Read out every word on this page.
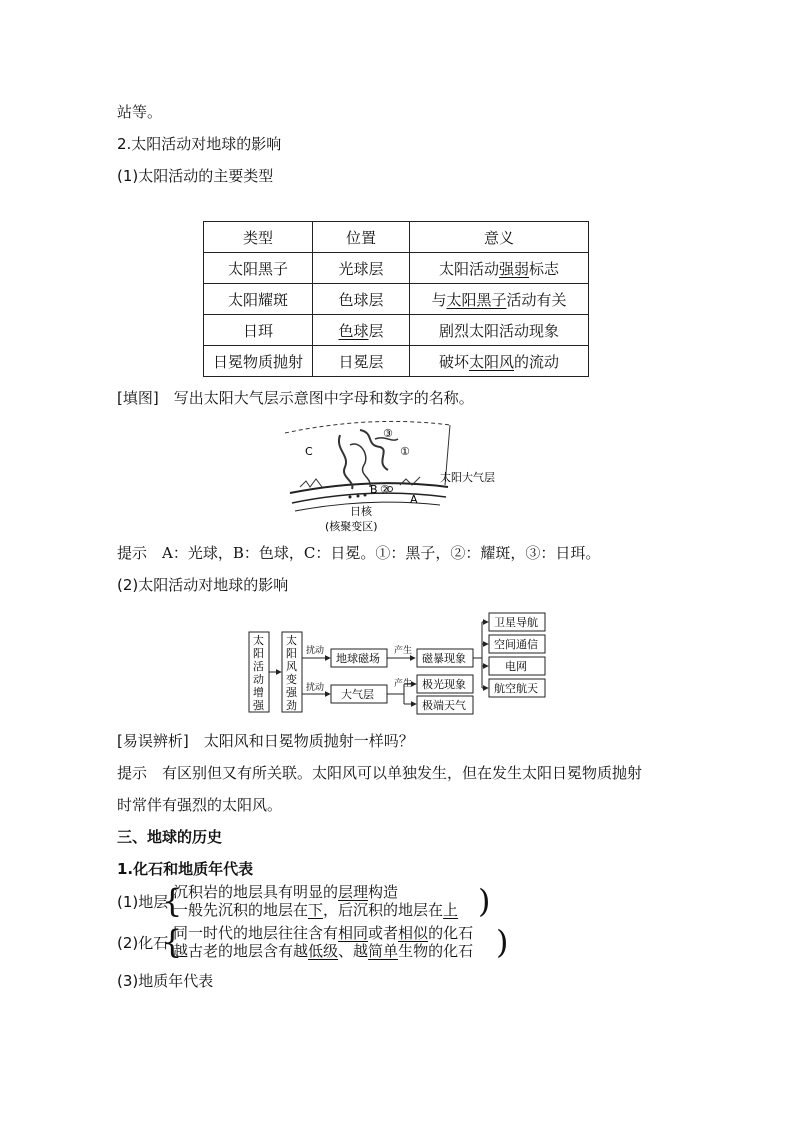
站等。
2.太阳活动对地球的影响
(1)太阳活动的主要类型
类型	位置	意义
太阳黑子	光球层	太阳活动强弱标志
太阳耀斑	色球层	与太阳黑子活动有关
日珥	色球层	剧烈太阳活动现象
日冕物质抛射	日冕层	破坏太阳风的流动
[填图]　写出太阳大气层示意图中字母和数字的名称。
C
③
①
B ②
A
太阳大气层
日核
(核聚变区)
提示　A：光球，B：色球，C：日冕。①：黑子，②：耀斑，③：日珥。
(2)太阳活动对地球的影响
太
阳
活
动
增
强
太
阳
风
变
强
劲
扰动
扰动
地球磁场
大气层
产生
产生
磁暴现象
极光现象
极端天气
卫星导航
空间通信
电网
航空航天
[易误辨析]　太阳风和日冕物质抛射一样吗？
提示　有区别但又有所关联。太阳风可以单独发生，但在发生太阳日冕物质抛射
时常伴有强烈的太阳风。
三、地球的历史
1.化石和地质年代表
(1)地层
{
沉积岩的地层具有明显的层理构造
一般先沉积的地层在下，后沉积的地层在上 )
(2)化石
{
同一时代的地层往往含有相同或者相似的化石
越古老的地层含有越低级、越简单生物的化石 )
(3)地质年代表
